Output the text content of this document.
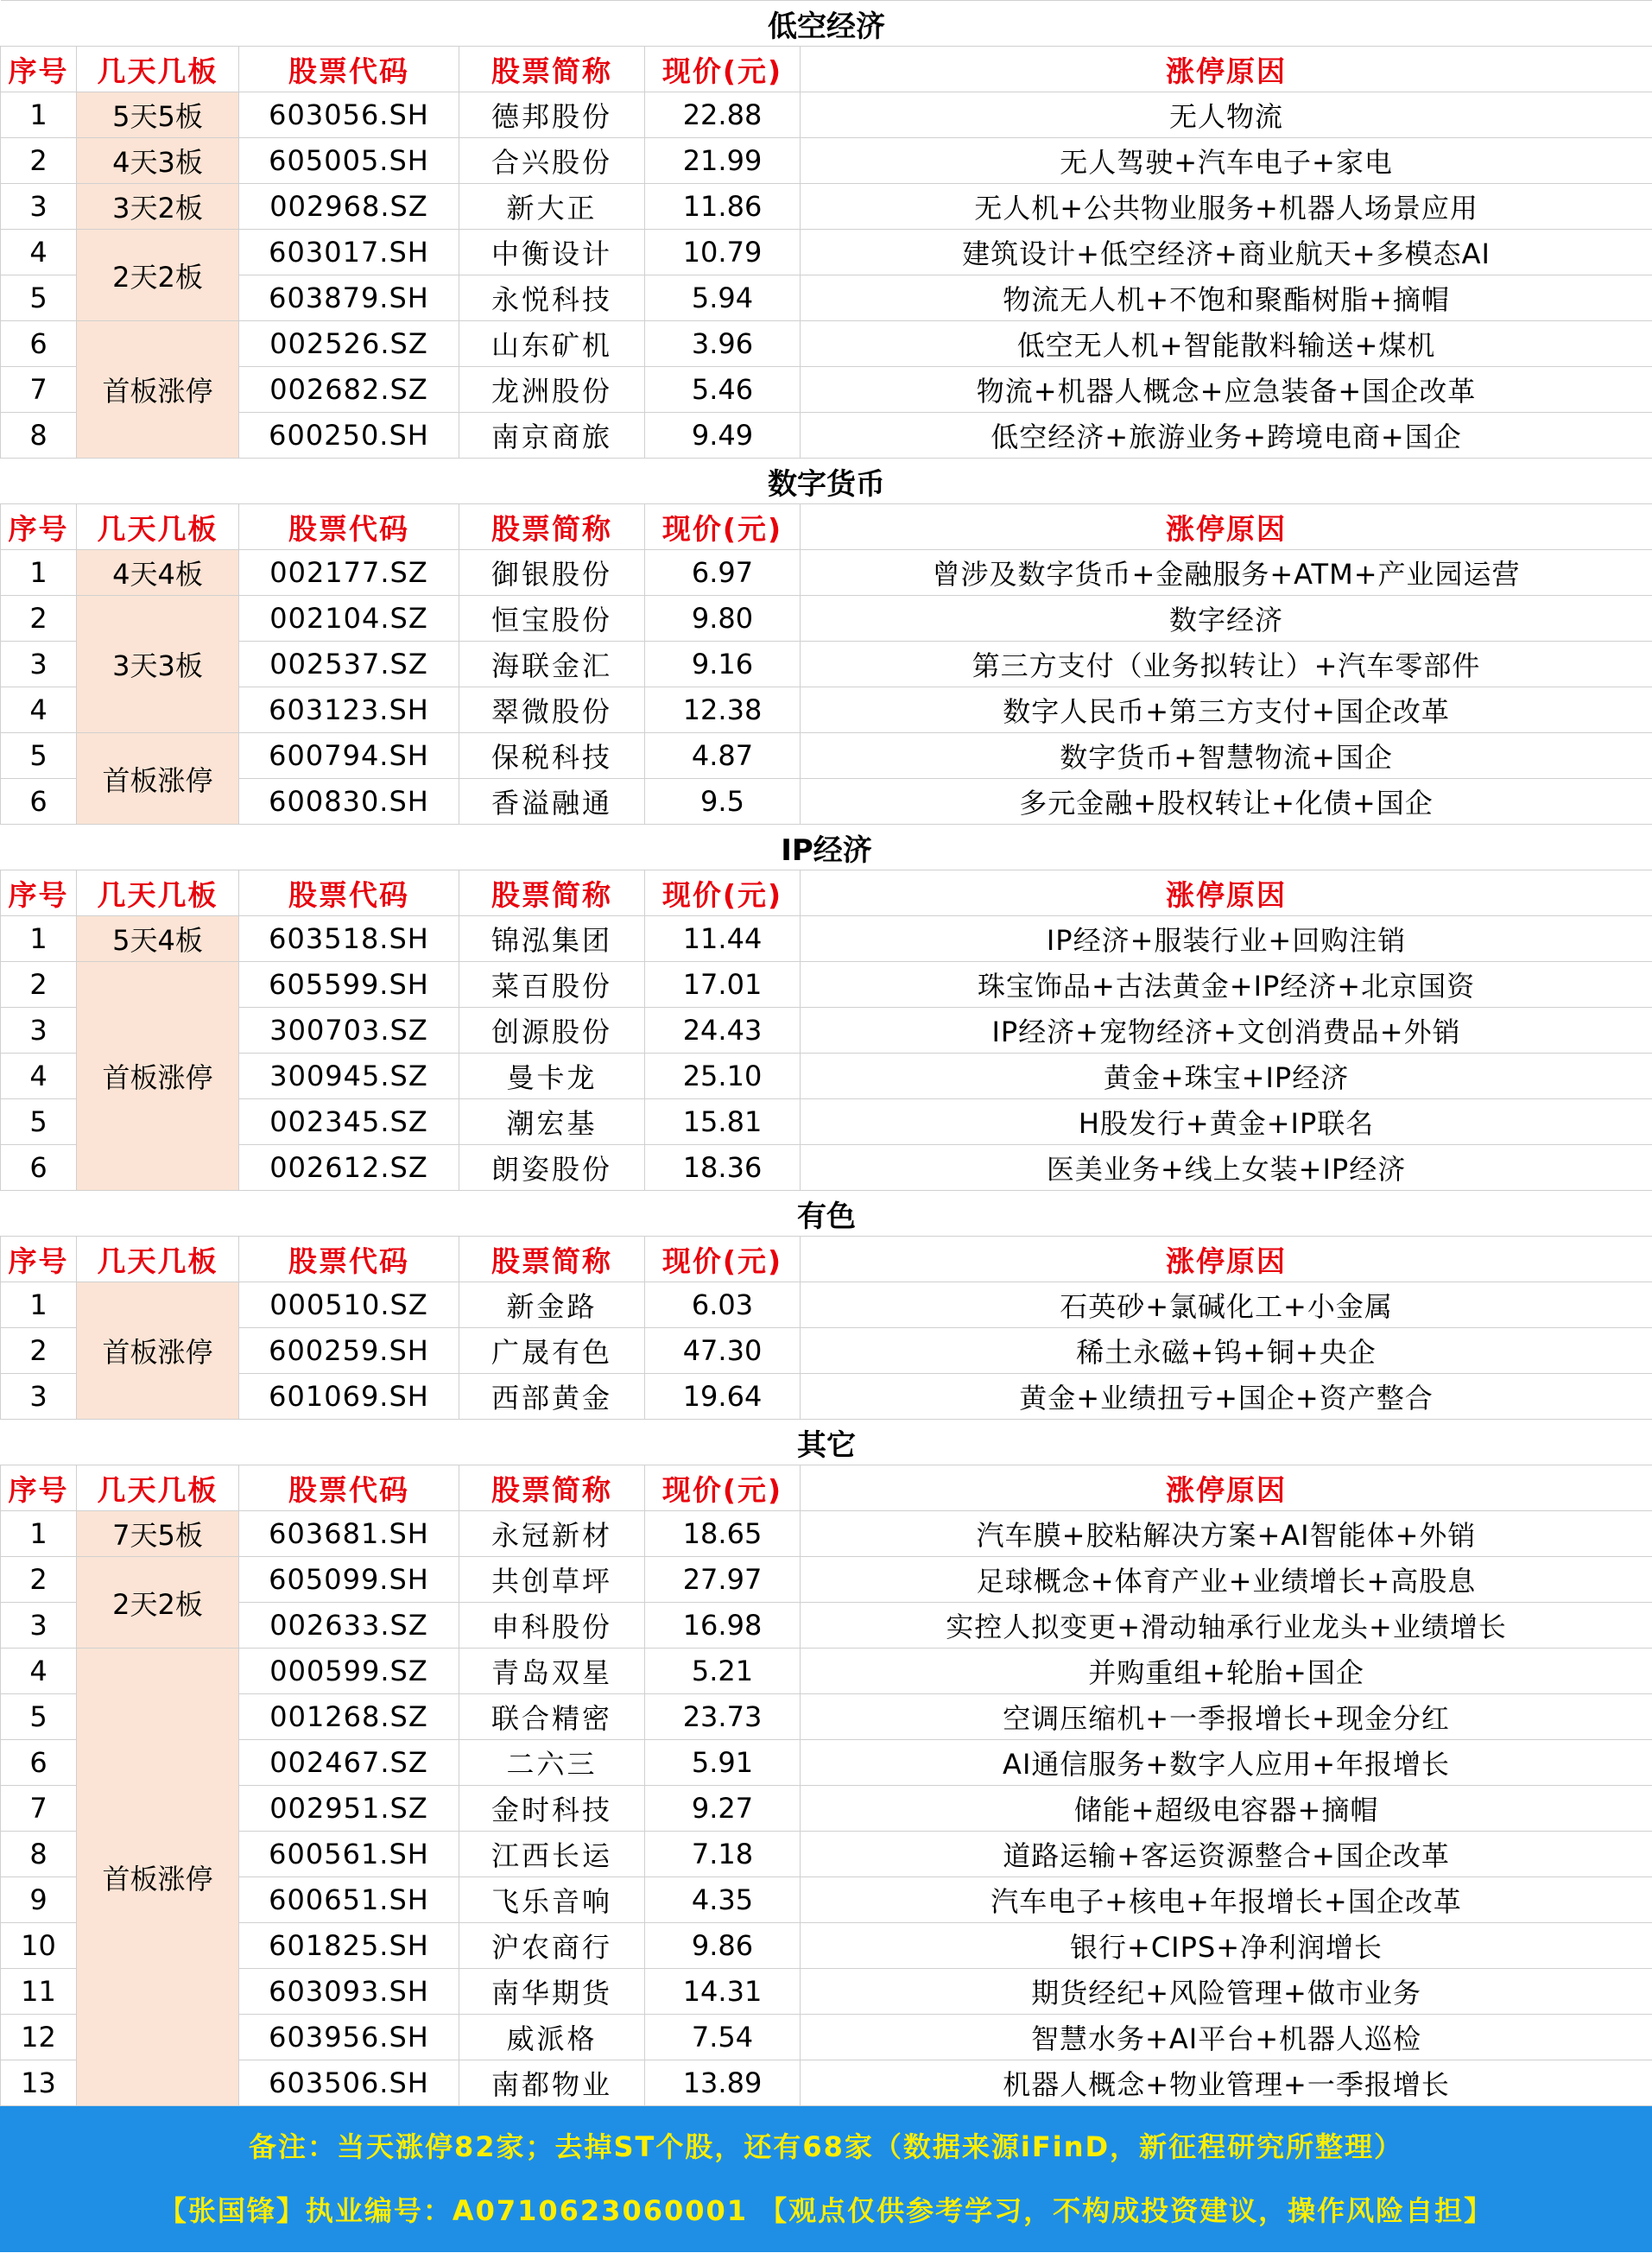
低空经济					
序号	几天几板	股票代码	股票简称	现价(元)	涨停原因
1	5天5板	603056.SH	德邦股份	22.88	无人物流
2	4天3板	605005.SH	合兴股份	21.99	无人驾驶+汽车电子+家电
3	3天2板	002968.SZ	新大正	11.86	无人机+公共物业服务+机器人场景应用
4	2天2板	603017.SH	中衡设计	10.79	建筑设计+低空经济+商业航天+多模态AI
5		603879.SH	永悦科技	5.94	物流无人机+不饱和聚酯树脂+摘帽
6	首板涨停	002526.SZ	山东矿机	3.96	低空无人机+智能散料输送+煤机
7		002682.SZ	龙洲股份	5.46	物流+机器人概念+应急装备+国企改革
8		600250.SH	南京商旅	9.49	低空经济+旅游业务+跨境电商+国企
数字货币					
序号	几天几板	股票代码	股票简称	现价(元)	涨停原因
1	4天4板	002177.SZ	御银股份	6.97	曾涉及数字货币+金融服务+ATM+产业园运营
2	3天3板	002104.SZ	恒宝股份	9.80	数字经济
3		002537.SZ	海联金汇	9.16	第三方支付（业务拟转让）+汽车零部件
4		603123.SH	翠微股份	12.38	数字人民币+第三方支付+国企改革
5	首板涨停	600794.SH	保税科技	4.87	数字货币+智慧物流+国企
6		600830.SH	香溢融通	9.5	多元金融+股权转让+化债+国企
IP经济					
序号	几天几板	股票代码	股票简称	现价(元)	涨停原因
1	5天4板	603518.SH	锦泓集团	11.44	IP经济+服装行业+回购注销
2	首板涨停	605599.SH	菜百股份	17.01	珠宝饰品+古法黄金+IP经济+北京国资
3		300703.SZ	创源股份	24.43	IP经济+宠物经济+文创消费品+外销
4		300945.SZ	曼卡龙	25.10	黄金+珠宝+IP经济
5		002345.SZ	潮宏基	15.81	H股发行+黄金+IP联名
6		002612.SZ	朗姿股份	18.36	医美业务+线上女装+IP经济
有色					
序号	几天几板	股票代码	股票简称	现价(元)	涨停原因
1	首板涨停	000510.SZ	新金路	6.03	石英砂+氯碱化工+小金属
2		600259.SH	广晟有色	47.30	稀土永磁+钨+铜+央企
3		601069.SH	西部黄金	19.64	黄金+业绩扭亏+国企+资产整合
其它					
序号	几天几板	股票代码	股票简称	现价(元)	涨停原因
1	7天5板	603681.SH	永冠新材	18.65	汽车膜+胶粘解决方案+AI智能体+外销
2	2天2板	605099.SH	共创草坪	27.97	足球概念+体育产业+业绩增长+高股息
3		002633.SZ	申科股份	16.98	实控人拟变更+滑动轴承行业龙头+业绩增长
4	首板涨停	000599.SZ	青岛双星	5.21	并购重组+轮胎+国企
5		001268.SZ	联合精密	23.73	空调压缩机+一季报增长+现金分红
6		002467.SZ	二六三	5.91	AI通信服务+数字人应用+年报增长
7		002951.SZ	金时科技	9.27	储能+超级电容器+摘帽
8		600561.SH	江西长运	7.18	道路运输+客运资源整合+国企改革
9		600651.SH	飞乐音响	4.35	汽车电子+核电+年报增长+国企改革
10		601825.SH	沪农商行	9.86	银行+CIPS+净利润增长
11		603093.SH	南华期货	14.31	期货经纪+风险管理+做市业务
12		603956.SH	威派格	7.54	智慧水务+AI平台+机器人巡检
13		603506.SH	南都物业	13.89	机器人概念+物业管理+一季报增长
备注：当天涨停82家；去掉ST个股，还有68家（数据来源iFinD，新征程研究所整理）
【张国锋】执业编号：A0710623060001 【观点仅供参考学习，不构成投资建议，操作风险自担】
